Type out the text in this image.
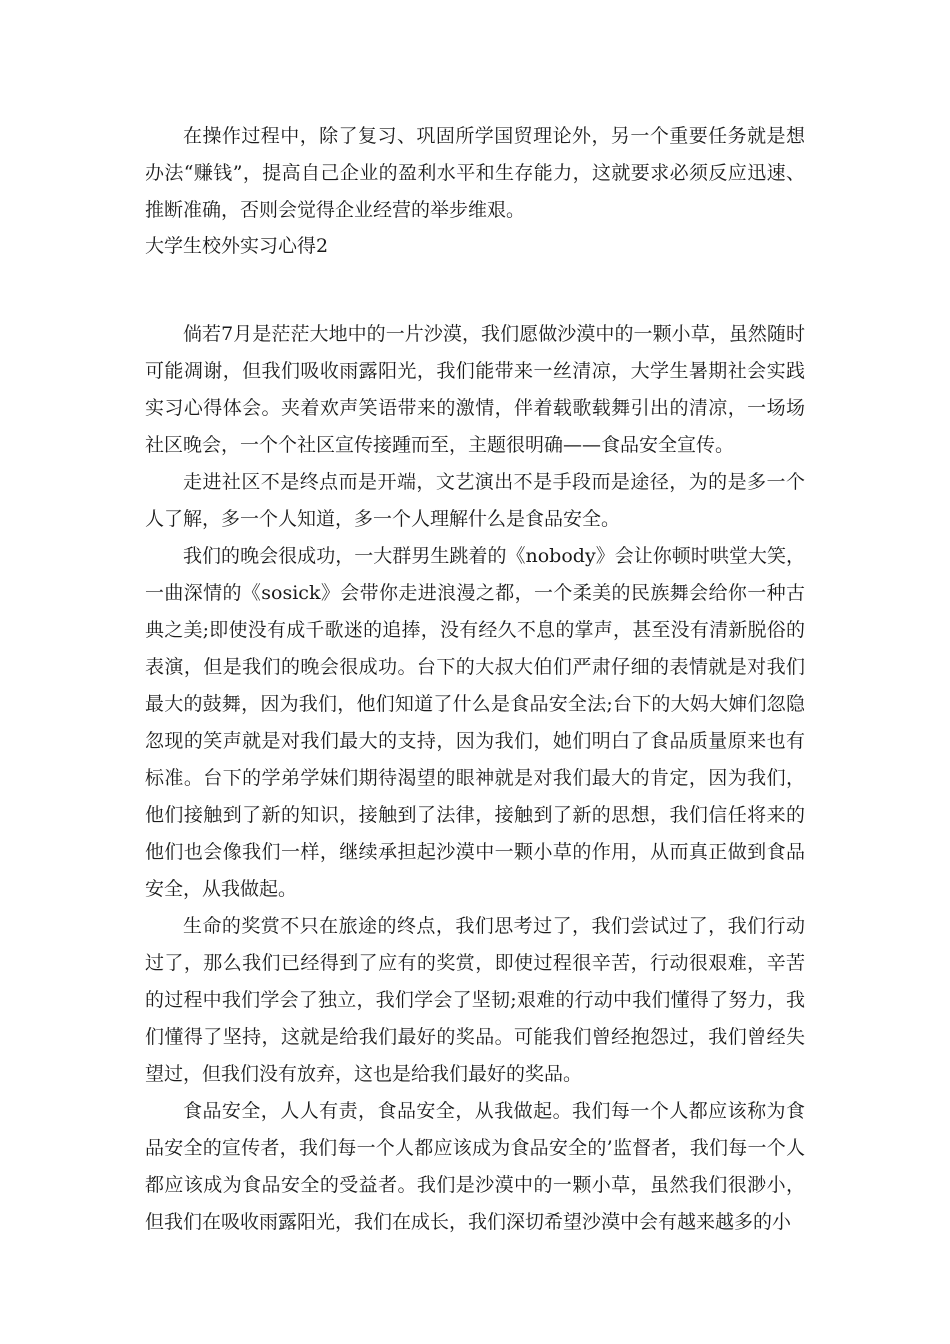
在操作过程中，除了复习、巩固所学国贸理论外，另一个重要任务就是想办法“赚钱”，提高自己企业的盈利水平和生存能力，这就要求必须反应迅速、推断准确，否则会觉得企业经营的举步维艰。

大学生校外实习心得2

倘若7月是茫茫大地中的一片沙漠，我们愿做沙漠中的一颗小草，虽然随时可能凋谢，但我们吸收雨露阳光，我们能带来一丝清凉，大学生暑期社会实践实习心得体会。夹着欢声笑语带来的激情，伴着载歌载舞引出的清凉，一场场社区晚会，一个个社区宣传接踵而至，主题很明确——食品安全宣传。

走进社区不是终点而是开端，文艺演出不是手段而是途径，为的是多一个人了解，多一个人知道，多一个人理解什么是食品安全。

我们的晚会很成功，一大群男生跳着的《nobody》会让你顿时哄堂大笑，一曲深情的《sosick》会带你走进浪漫之都，一个柔美的民族舞会给你一种古典之美;即使没有成千歌迷的追捧，没有经久不息的掌声，甚至没有清新脱俗的表演，但是我们的晚会很成功。台下的大叔大伯们严肃仔细的表情就是对我们最大的鼓舞，因为我们，他们知道了什么是食品安全法;台下的大妈大婶们忽隐忽现的笑声就是对我们最大的支持，因为我们，她们明白了食品质量原来也有标准。台下的学弟学妹们期待渴望的眼神就是对我们最大的肯定，因为我们，他们接触到了新的知识，接触到了法律，接触到了新的思想，我们信任将来的他们也会像我们一样，继续承担起沙漠中一颗小草的作用，从而真正做到食品安全，从我做起。

生命的奖赏不只在旅途的终点，我们思考过了，我们尝试过了，我们行动过了，那么我们已经得到了应有的奖赏，即使过程很辛苦，行动很艰难，辛苦的过程中我们学会了独立，我们学会了坚韧;艰难的行动中我们懂得了努力，我们懂得了坚持，这就是给我们最好的奖品。可能我们曾经抱怨过，我们曾经失望过，但我们没有放弃，这也是给我们最好的奖品。

食品安全，人人有责，食品安全，从我做起。我们每一个人都应该称为食品安全的宣传者，我们每一个人都应该成为食品安全的’监督者，我们每一个人都应该成为食品安全的受益者。我们是沙漠中的一颗小草，虽然我们很渺小，但我们在吸收雨露阳光，我们在成长，我们深切希望沙漠中会有越来越多的小
